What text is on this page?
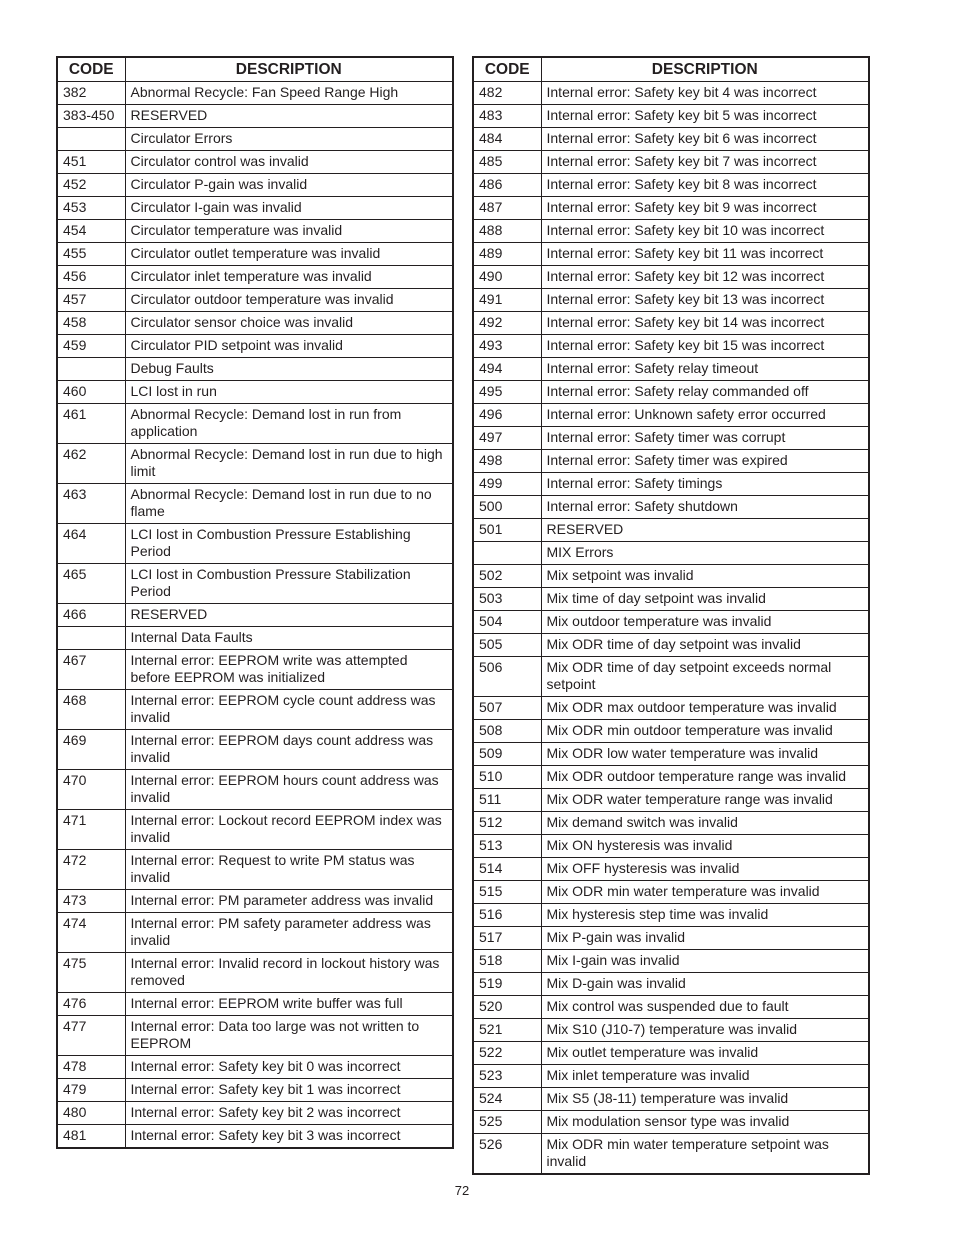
CODE	DESCRIPTION
382	Abnormal Recycle: Fan Speed Range High
383-450	RESERVED
	Circulator Errors
451	Circulator control was invalid
452	Circulator P-gain was invalid
453	Circulator I-gain was invalid
454	Circulator temperature was invalid
455	Circulator outlet temperature was invalid
456	Circulator inlet temperature was invalid
457	Circulator outdoor temperature was invalid
458	Circulator sensor choice was invalid
459	Circulator PID setpoint was invalid
	Debug Faults
460	LCI lost in run
461	Abnormal Recycle: Demand lost in run from application
462	Abnormal Recycle: Demand lost in run due to high limit
463	Abnormal Recycle: Demand lost in run due to no flame
464	LCI lost in Combustion Pressure Establishing Period
465	LCI lost in Combustion Pressure Stabilization Period
466	RESERVED
	Internal Data Faults
467	Internal error: EEPROM write was attempted before EEPROM was initialized
468	Internal error: EEPROM cycle count address was invalid
469	Internal error: EEPROM days count address was invalid
470	Internal error: EEPROM hours count address was invalid
471	Internal error: Lockout record EEPROM index was invalid
472	Internal error: Request to write PM status was invalid
473	Internal error: PM parameter address was invalid
474	Internal error: PM safety parameter address was invalid
475	Internal error: Invalid record in lockout history was removed
476	Internal error: EEPROM write buffer was full
477	Internal error: Data too large was not written to EEPROM
478	Internal error: Safety key bit 0 was incorrect
479	Internal error: Safety key bit 1 was incorrect
480	Internal error: Safety key bit 2 was incorrect
481	Internal error: Safety key bit 3 was incorrect
CODE	DESCRIPTION
482	Internal error: Safety key bit 4 was incorrect
483	Internal error: Safety key bit 5 was incorrect
484	Internal error: Safety key bit 6 was incorrect
485	Internal error: Safety key bit 7 was incorrect
486	Internal error: Safety key bit 8 was incorrect
487	Internal error: Safety key bit 9 was incorrect
488	Internal error: Safety key bit 10 was incorrect
489	Internal error: Safety key bit 11 was incorrect
490	Internal error: Safety key bit 12 was incorrect
491	Internal error: Safety key bit 13 was incorrect
492	Internal error: Safety key bit 14 was incorrect
493	Internal error: Safety key bit 15 was incorrect
494	Internal error: Safety relay timeout
495	Internal error: Safety relay commanded off
496	Internal error: Unknown safety error occurred
497	Internal error: Safety timer was corrupt
498	Internal error: Safety timer was expired
499	Internal error: Safety timings
500	Internal error: Safety shutdown
501	RESERVED
	MIX Errors
502	Mix setpoint was invalid
503	Mix time of day setpoint was invalid
504	Mix outdoor temperature was invalid
505	Mix ODR time of day setpoint was invalid
506	Mix ODR time of day setpoint exceeds normal setpoint
507	Mix ODR max outdoor temperature was invalid
508	Mix ODR min outdoor temperature was invalid
509	Mix ODR low water temperature was invalid
510	Mix ODR outdoor temperature range was invalid
511	Mix ODR water temperature range was invalid
512	Mix demand switch was invalid
513	Mix ON hysteresis was invalid
514	Mix OFF hysteresis was invalid
515	Mix ODR min water temperature was invalid
516	Mix hysteresis step time was invalid
517	Mix P-gain was invalid
518	Mix I-gain was invalid
519	Mix D-gain was invalid
520	Mix control was suspended due to fault
521	Mix S10 (J10-7) temperature was invalid
522	Mix outlet temperature was invalid
523	Mix inlet temperature was invalid
524	Mix S5 (J8-11) temperature was invalid
525	Mix modulation sensor type was invalid
526	Mix ODR min water temperature setpoint was invalid
72
